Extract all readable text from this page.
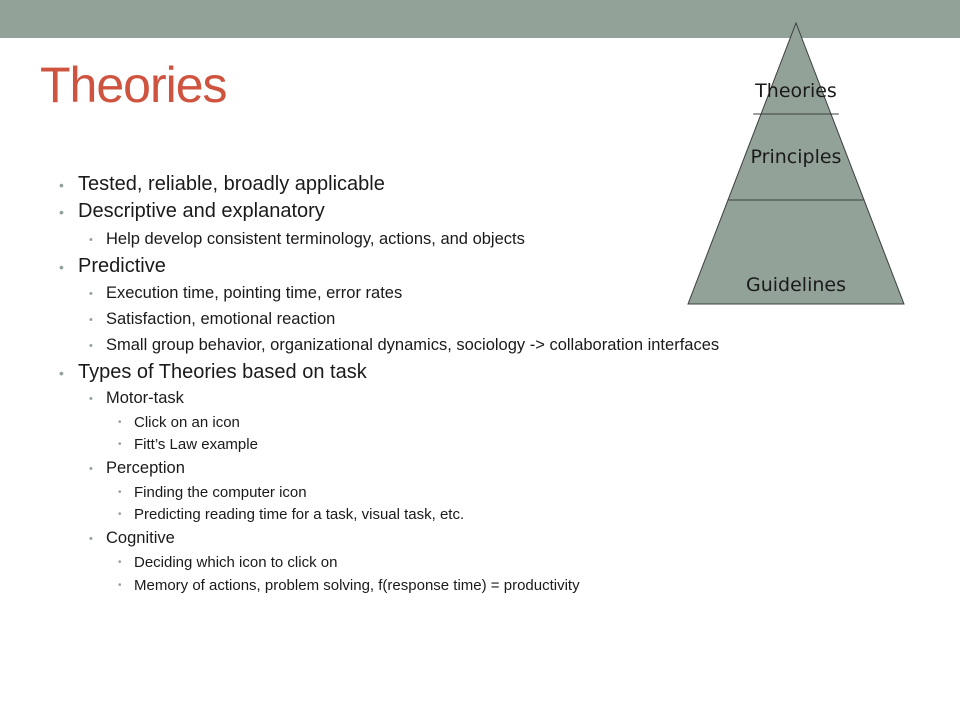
Theories	Theories
Principles
Guidelines
• Tested, reliable, broadly applicable
• Descriptive and explanatory
• Help develop consistent terminology, actions, and objects
• Predictive
• Execution time, pointing time, error rates
• Satisfaction, emotional reaction
• Small group behavior, organizational dynamics, sociology -> collaboration interfaces
• Types of Theories based on task
• Motor-task
• Click on an icon
• Fitt’s Law example
• Perception
• Finding the computer icon
• Predicting reading time for a task, visual task, etc.
• Cognitive
• Deciding which icon to click on
• Memory of actions, problem solving, f(response time) = productivity
